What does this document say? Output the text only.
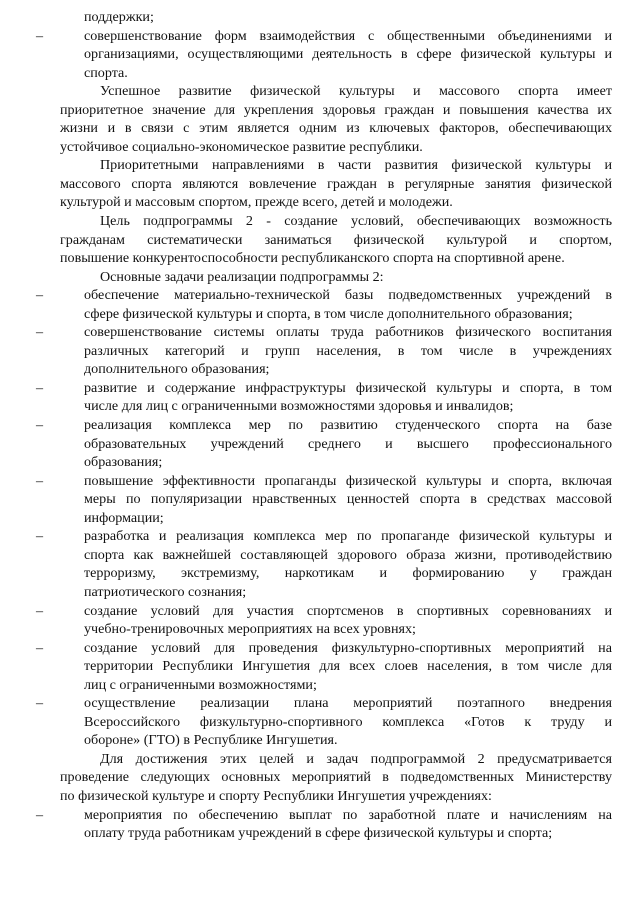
поддержки;
–	совершенствование форм взаимодействия с общественными объединениями и
организациями, осуществляющими деятельность в сфере физической культуры и
спорта.
Успешное развитие физической культуры и массового спорта имеет
приоритетное значение для укрепления здоровья граждан и повышения качества их
жизни и в связи с этим является одним из ключевых факторов, обеспечивающих
устойчивое социально-экономическое развитие республики.
Приоритетными направлениями в части развития физической культуры и
массового спорта являются вовлечение граждан в регулярные занятия физической
культурой и массовым спортом, прежде всего, детей и молодежи.
Цель подпрограммы 2 - создание условий, обеспечивающих возможность
гражданам систематически заниматься физической культурой и спортом,
повышение конкурентоспособности республиканского спорта на спортивной арене.
Основные задачи реализации подпрограммы 2:
–	обеспечение материально-технической базы подведомственных учреждений в
сфере физической культуры и спорта, в том числе дополнительного образования;
–	совершенствование системы оплаты труда работников физического воспитания
различных категорий и групп населения, в том числе в учреждениях
дополнительного образования;
–	развитие и содержание инфраструктуры физической культуры и спорта, в том
числе для лиц с ограниченными возможностями здоровья и инвалидов;
–	реализация комплекса мер по развитию студенческого спорта на базе
образовательных учреждений среднего и высшего профессионального
образования;
–	повышение эффективности пропаганды физической культуры и спорта, включая
меры по популяризации нравственных ценностей спорта в средствах массовой
информации;
–	разработка и реализация комплекса мер по пропаганде физической культуры и
спорта как важнейшей составляющей здорового образа жизни, противодействию
терроризму, экстремизму, наркотикам и формированию у граждан
патриотического сознания;
–	создание условий для участия спортсменов в спортивных соревнованиях и
учебно-тренировочных мероприятиях на всех уровнях;
–	создание условий для проведения физкультурно-спортивных мероприятий на
территории Республики Ингушетия для всех слоев населения, в том числе для
лиц с ограниченными возможностями;
–	осуществление реализации плана мероприятий поэтапного внедрения
Всероссийского физкультурно-спортивного комплекса «Готов к труду и
обороне» (ГТО) в Республике Ингушетия.
Для достижения этих целей и задач подпрограммой 2 предусматривается
проведение следующих основных мероприятий в подведомственных Министерству
по физической культуре и спорту Республики Ингушетия учреждениях:
–	мероприятия по обеспечению выплат по заработной плате и начислениям на
оплату труда работникам учреждений в сфере физической культуры и спорта;
